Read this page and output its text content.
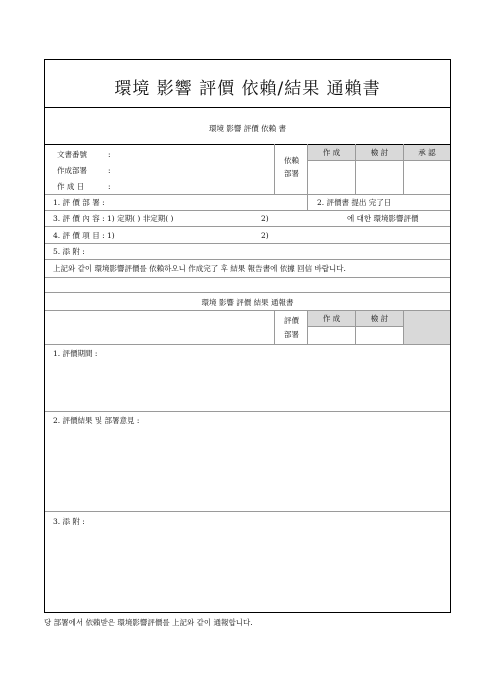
環境 影響 評價 依賴/結果 通賴書
環境 影響 評價 依賴 書
文書番號	:
作成部署	:
作 成 日	:
依賴
部署
作 成	檢 討	承 認
1. 評 價 部 署 :	2. 評價書 提出 完了日
3. 評 價 內 容 : 1) 定期( ) 非定期( )	2)	에 대한 環境影響評價
4. 評 價 項 目 : 1)	2)
5. 添 附 :
上記와 같이 環境影響評價를 依賴하오니 作成完了 후 結果 報告書에 依據 回信 바랍니다.
環境 影響 評價 結果 通報書
評價
部署
作 成	檢 討
1. 評價期間 :
2. 評價結果 및 部署意見 :
3. 添 附 :
당 部署에서 依賴받은 環境影響評價를 上記와 같이 通報합니다.
